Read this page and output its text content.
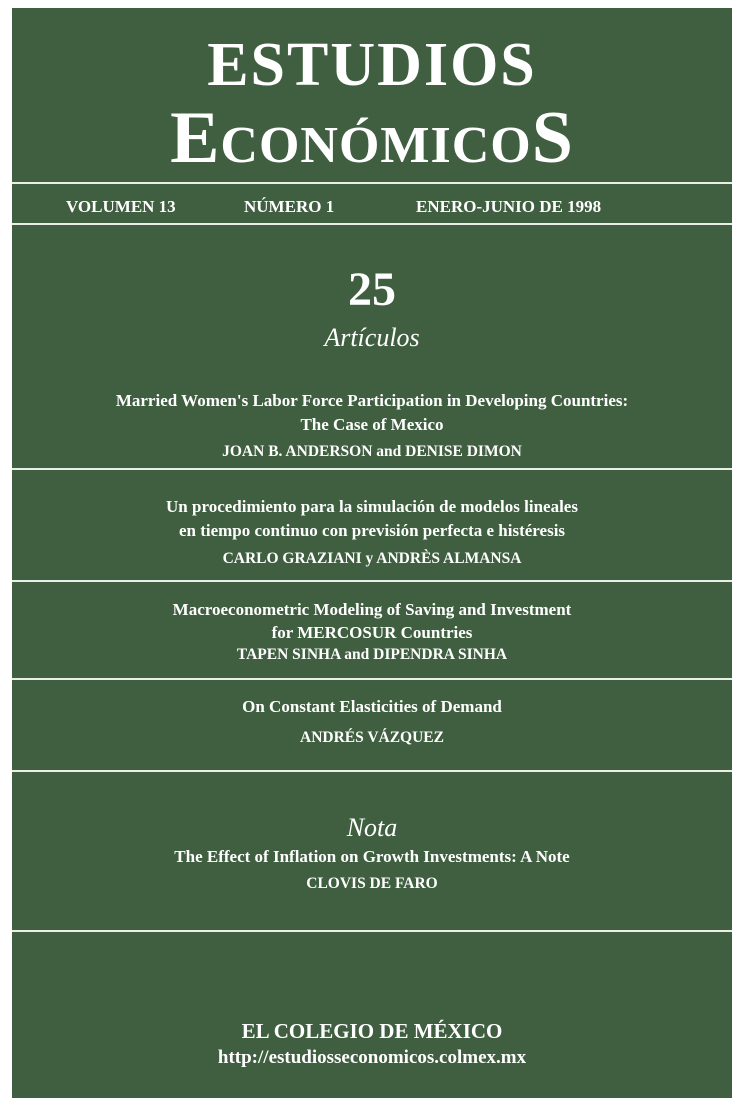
ESTUDIOS
EconómicoS
VOLUMEN 13	NÚMERO 1	ENERO-JUNIO DE 1998
25
Artículos
Married Women's Labor Force Participation in Developing Countries:
The Case of Mexico
JOAN B. ANDERSON and DENISE DIMON
Un procedimiento para la simulación de modelos lineales
en tiempo continuo con previsión perfecta e histéresis
CARLO GRAZIANI y ANDRÈS ALMANSA
Macroeconometric Modeling of Saving and Investment
for MERCOSUR Countries
TAPEN SINHA and DIPENDRA SINHA
On Constant Elasticities of Demand
ANDRÉS VÁZQUEZ
Nota
The Effect of Inflation on Growth Investments: A Note
CLOVIS DE FARO
EL COLEGIO DE MÉXICO
http://estudiosseconomicos.colmex.mx
